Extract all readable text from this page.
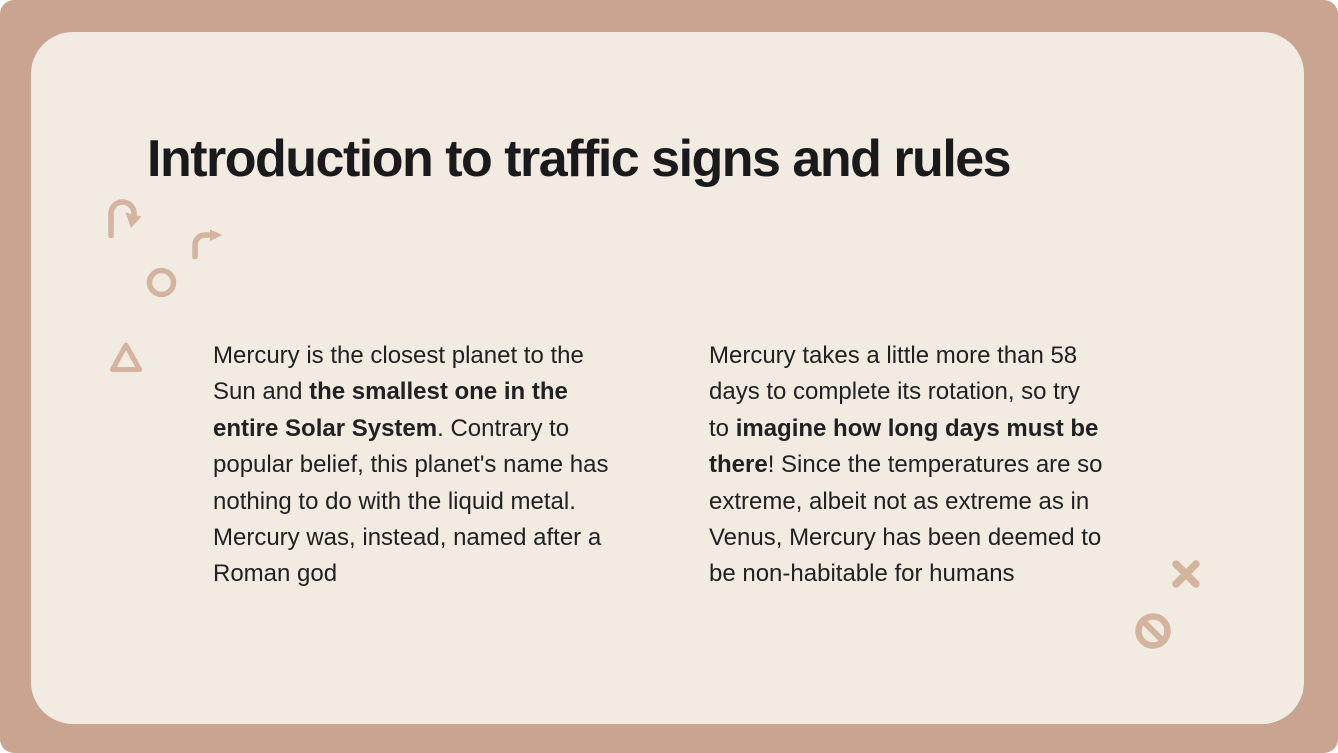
Introduction to traffic signs and rules
Mercury is the closest planet to the
Sun and the smallest one in the
entire Solar System. Contrary to
popular belief, this planet's name has
nothing to do with the liquid metal.
Mercury was, instead, named after a
Roman god
Mercury takes a little more than 58
days to complete its rotation, so try
to imagine how long days must be
there! Since the temperatures are so
extreme, albeit not as extreme as in
Venus, Mercury has been deemed to
be non-habitable for humans
